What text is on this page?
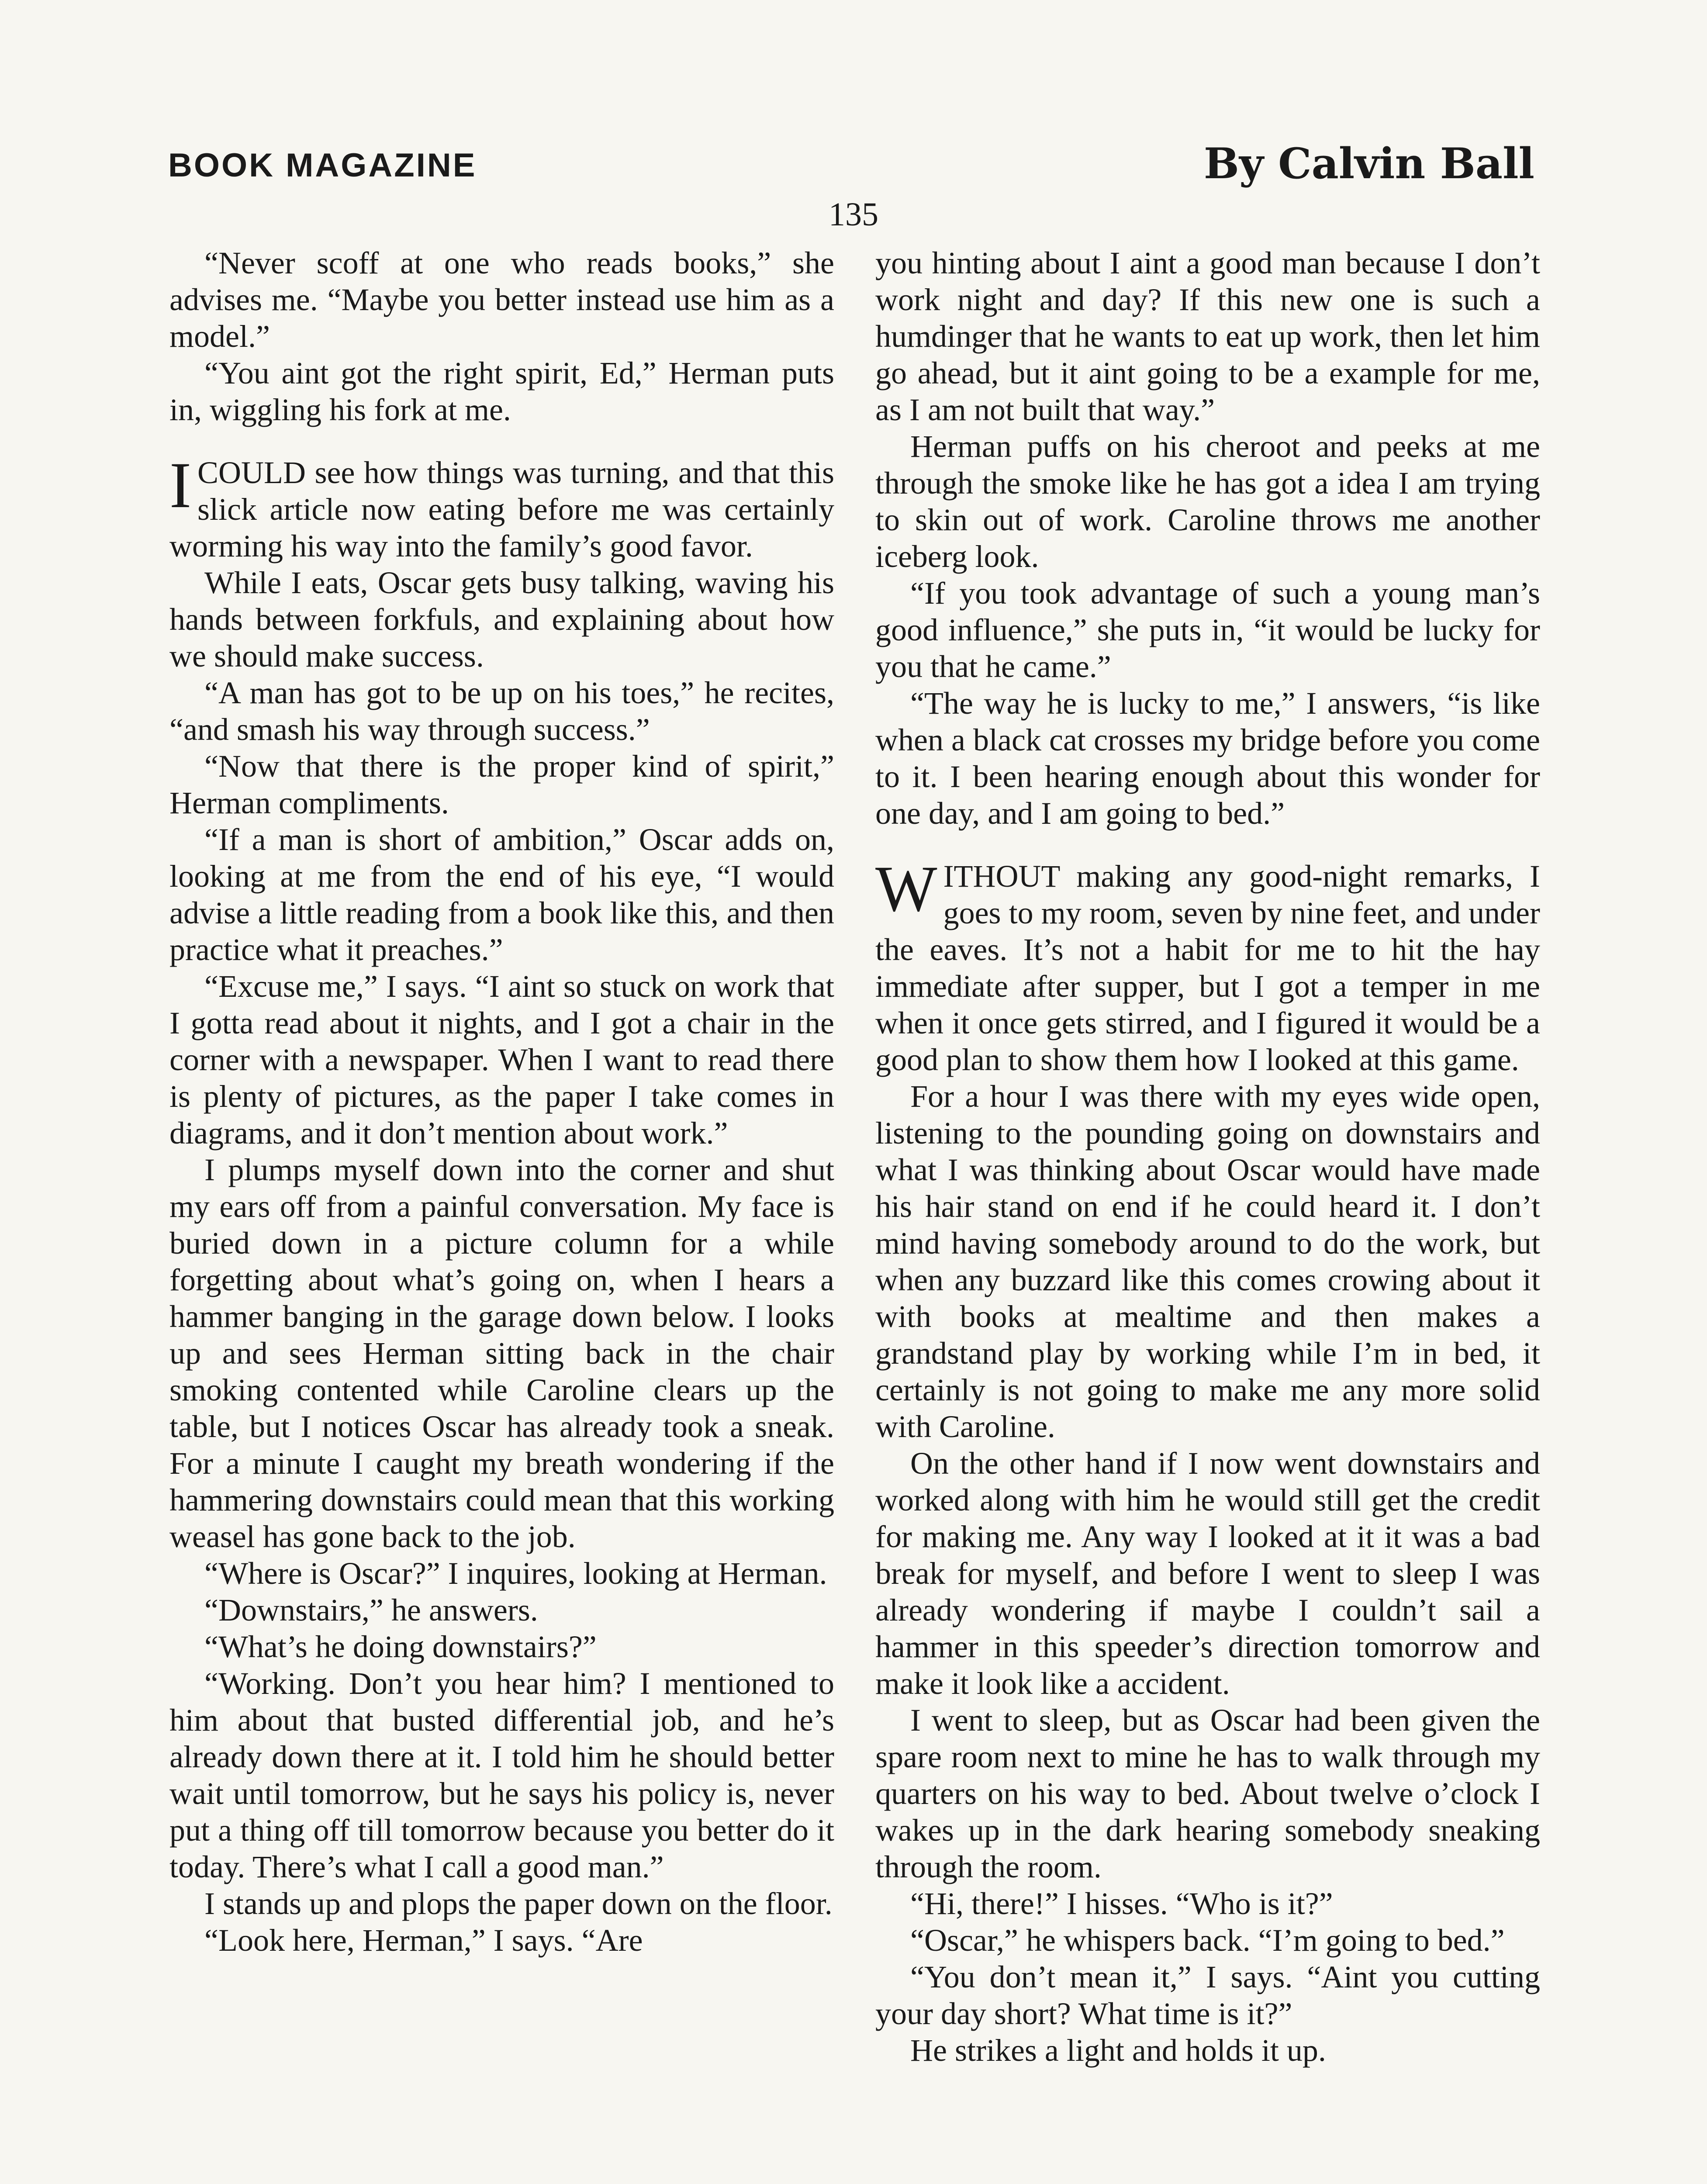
BOOK MAGAZINE	By Calvin Ball
135

“Never scoff at one who reads books,” she advises me. “Maybe you better instead use him as a model.”

“You aint got the right spirit, Ed,” Herman puts in, wiggling his fork at me.

ICOULD see how things was turning, and that this slick article now eating before me was certainly worming his way into the family’s good favor.

While I eats, Oscar gets busy talking, waving his hands between forkfuls, and explaining about how we should make success.

“A man has got to be up on his toes,” he recites, “and smash his way through success.”

“Now that there is the proper kind of spirit,” Herman compliments.

“If a man is short of ambition,” Oscar adds on, looking at me from the end of his eye, “I would advise a little reading from a book like this, and then practice what it preaches.”

“Excuse me,” I says. “I aint so stuck on work that I gotta read about it nights, and I got a chair in the corner with a newspaper. When I want to read there is plenty of pictures, as the paper I take comes in diagrams, and it don’t mention about work.”

I plumps myself down into the corner and shut my ears off from a painful conversation. My face is buried down in a picture column for a while forgetting about what’s going on, when I hears a hammer banging in the garage down below. I looks up and sees Herman sitting back in the chair smoking contented while Caroline clears up the table, but I notices Oscar has already took a sneak. For a minute I caught my breath wondering if the hammering downstairs could mean that this working weasel has gone back to the job.

“Where is Oscar?” I inquires, looking at Herman.

“Downstairs,” he answers.

“What’s he doing downstairs?”

“Working. Don’t you hear him? I mentioned to him about that busted differential job, and he’s already down there at it. I told him he should better wait until tomorrow, but he says his policy is, never put a thing off till tomorrow because you better do it today. There’s what I call a good man.”

I stands up and plops the paper down on the floor.

“Look here, Herman,” I says. “Are

you hinting about I aint a good man because I don’t work night and day? If this new one is such a humdinger that he wants to eat up work, then let him go ahead, but it aint going to be a example for me, as I am not built that way.”

Herman puffs on his cheroot and peeks at me through the smoke like he has got a idea I am trying to skin out of work. Caroline throws me another iceberg look.

“If you took advantage of such a young man’s good influence,” she puts in, “it would be lucky for you that he came.”

“The way he is lucky to me,” I answers, “is like when a black cat crosses my bridge before you come to it. I been hearing enough about this wonder for one day, and I am going to bed.”

WITHOUT making any good-night remarks, I goes to my room, seven by nine feet, and under the eaves. It’s not a habit for me to hit the hay immediate after supper, but I got a temper in me when it once gets stirred, and I figured it would be a good plan to show them how I looked at this game.

For a hour I was there with my eyes wide open, listening to the pounding going on downstairs and what I was thinking about Oscar would have made his hair stand on end if he could heard it. I don’t mind having somebody around to do the work, but when any buzzard like this comes crowing about it with books at mealtime and then makes a grandstand play by working while I’m in bed, it certainly is not going to make me any more solid with Caroline.

On the other hand if I now went downstairs and worked along with him he would still get the credit for making me. Any way I looked at it it was a bad break for myself, and before I went to sleep I was already wondering if maybe I couldn’t sail a hammer in this speeder’s direction tomorrow and make it look like a accident.

I went to sleep, but as Oscar had been given the spare room next to mine he has to walk through my quarters on his way to bed. About twelve o’clock I wakes up in the dark hearing somebody sneaking through the room.

“Hi, there!” I hisses. “Who is it?”

“Oscar,” he whispers back. “I’m going to bed.”

“You don’t mean it,” I says. “Aint you cutting your day short? What time is it?”

He strikes a light and holds it up.
